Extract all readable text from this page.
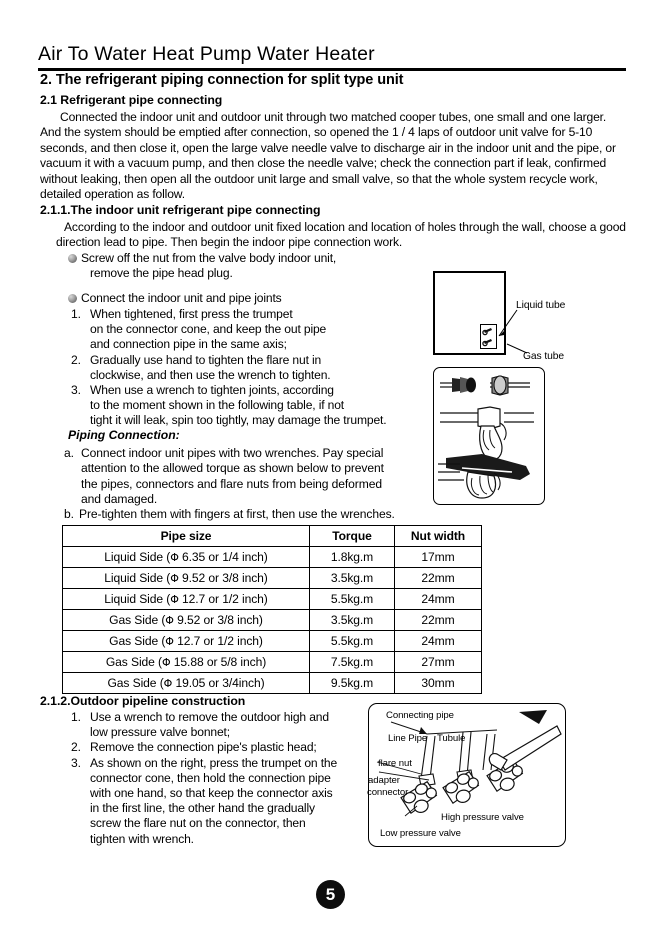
Air To Water Heat Pump Water Heater
2. The refrigerant piping connection for split type unit
2.1 Refrigerant pipe connecting
Connected the indoor unit and outdoor unit through two matched cooper tubes, one small and one larger. And the system should be emptied after connection, so opened the 1 / 4 laps of outdoor unit valve for 5-10 seconds, and then close it, open the large valve needle valve to discharge air in the indoor unit and the pipe, or vacuum it with a vacuum pump, and then close the needle valve; check the connection part if leak, confirmed without leaking, then open all the outdoor unit large and small valve, so that the whole system recycle work, detailed operation as follow.
2.1.1.The indoor unit refrigerant pipe connecting
According to the indoor and outdoor unit fixed location and location of holes through the wall, choose a good direction lead to pipe. Then begin the indoor pipe connection work.
Screw off the nut from the valve body indoor unit,
remove the pipe head plug.
Connect the indoor unit and pipe joints
1. When tightened, first press the trumpet
on the connector cone, and keep the out pipe
and connection pipe in the same axis;
2. Gradually use hand to tighten the flare nut in
clockwise, and then use the wrench to tighten.
3. When use a wrench to tighten joints, according
to the moment shown in the following table, if not
tight it will leak, spin too tightly, may damage the trumpet.
Piping Connection:
a. Connect indoor unit pipes with two wrenches. Pay special
attention to the allowed torque as shown below to prevent
the pipes, connectors and flare nuts from being deformed
and damaged.
b. Pre-tighten them with fingers at first, then use the wrenches.
Pipe size	Torque	Nut width
Liquid Side (Φ 6.35 or 1/4 inch)	1.8kg.m	17mm
Liquid Side (Φ 9.52 or 3/8 inch)	3.5kg.m	22mm
Liquid Side (Φ 12.7 or 1/2 inch)	5.5kg.m	24mm
Gas Side (Φ 9.52 or 3/8 inch)	3.5kg.m	22mm
Gas Side (Φ 12.7 or 1/2 inch)	5.5kg.m	24mm
Gas Side (Φ 15.88 or 5/8 inch)	7.5kg.m	27mm
Gas Side (Φ 19.05 or 3/4inch)	9.5kg.m	30mm
2.1.2.Outdoor pipeline construction
1. Use a wrench to remove the outdoor high and
low pressure valve bonnet;
2. Remove the connection pipe's plastic head;
3. As shown on the right, press the trumpet on the
connector cone, then hold the connection pipe
with one hand, so that keep the connector axis
in the first line, the other hand the gradually
screw the flare nut on the connector, then
tighten with wrench.
Liquid tube
Gas tube
Connecting pipe
Line Pipe Tubule
flare nut
adapter
connector
High pressure valve
Low pressure valve
5
